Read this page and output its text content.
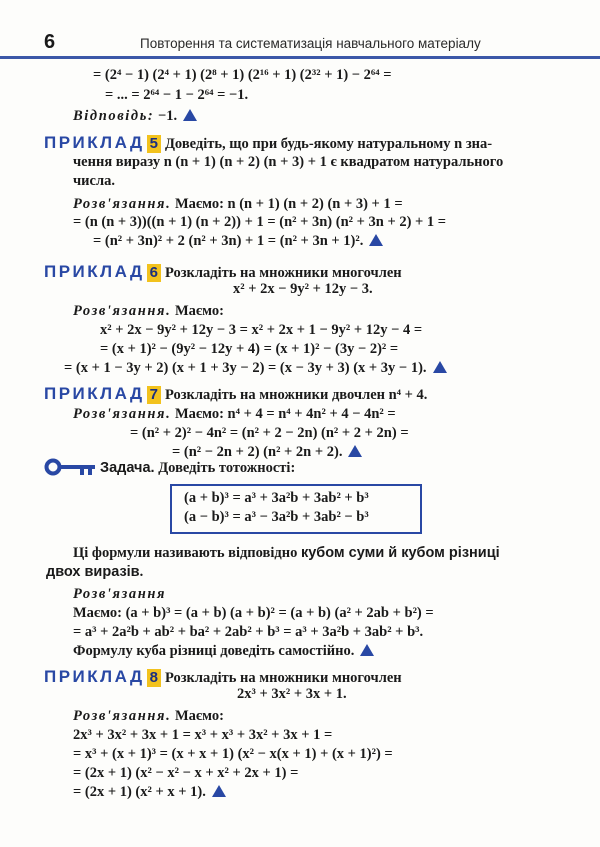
6	Повторення та систематизація навчального матеріалу
= (2⁴ − 1) (2⁴ + 1) (2⁸ + 1) (2¹⁶ + 1) (2³² + 1) − 2⁶⁴ =
= ... = 2⁶⁴ − 1 − 2⁶⁴ = −1.
Відповідь: −1.
ПРИКЛАД 5 Доведіть, що при будь-якому натуральному n зна-
чення виразу n (n + 1) (n + 2) (n + 3) + 1 є квадратом натурального
числа.
Розв'язання. Маємо: n (n + 1) (n + 2) (n + 3) + 1 =
= (n (n + 3))((n + 1) (n + 2)) + 1 = (n² + 3n) (n² + 3n + 2) + 1 =
= (n² + 3n)² + 2 (n² + 3n) + 1 = (n² + 3n + 1)².
ПРИКЛАД 6 Розкладіть на множники многочлен
x² + 2x − 9y² + 12y − 3.
Розв'язання. Маємо:
x² + 2x − 9y² + 12y − 3 = x² + 2x + 1 − 9y² + 12y − 4 =
= (x + 1)² − (9y² − 12y + 4) = (x + 1)² − (3y − 2)² =
= (x + 1 − 3y + 2) (x + 1 + 3y − 2) = (x − 3y + 3) (x + 3y − 1).
ПРИКЛАД 7 Розкладіть на множники двочлен n⁴ + 4.
Розв'язання. Маємо: n⁴ + 4 = n⁴ + 4n² + 4 − 4n² =
= (n² + 2)² − 4n² = (n² + 2 − 2n) (n² + 2 + 2n) =
= (n² − 2n + 2) (n² + 2n + 2).
Задача. Доведіть тотожності:
(a + b)³ = a³ + 3a²b + 3ab² + b³
(a − b)³ = a³ − 3a²b + 3ab² − b³
Ці формули називають відповідно кубом суми й кубом різниці
двох виразів.
Розв'язання
Маємо: (a + b)³ = (a + b) (a + b)² = (a + b) (a² + 2ab + b²) =
= a³ + 2a²b + ab² + ba² + 2ab² + b³ = a³ + 3a²b + 3ab² + b³.
Формулу куба різниці доведіть самостійно.
ПРИКЛАД 8 Розкладіть на множники многочлен
2x³ + 3x² + 3x + 1.
Розв'язання. Маємо:
2x³ + 3x² + 3x + 1 = x³ + x³ + 3x² + 3x + 1 =
= x³ + (x + 1)³ = (x + x + 1) (x² − x(x + 1) + (x + 1)²) =
= (2x + 1) (x² − x² − x + x² + 2x + 1) =
= (2x + 1) (x² + x + 1).
